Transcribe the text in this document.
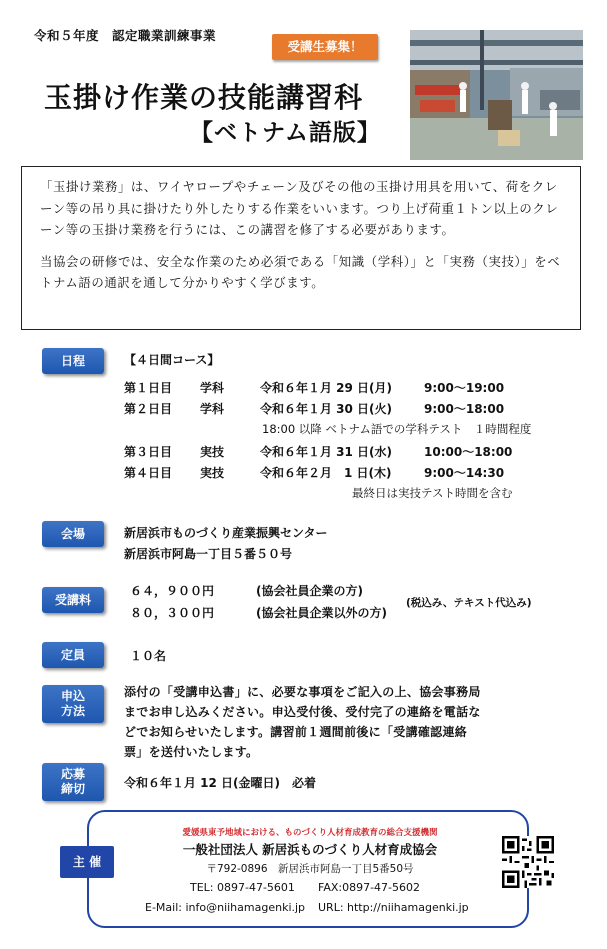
令和５年度　認定職業訓練事業
受講生募集！
玉掛け作業の技能講習科
【ベトナム語版】

「玉掛け業務」は、ワイヤロープやチェーン及びその他の玉掛け用具を用いて、荷をクレーン等の吊り具に掛けたり外したりする作業をいいます。つり上げ荷重１トン以上のクレーン等の玉掛け業務を行うには、この講習を修了する必要があります。

当協会の研修では、安全な作業のため必須である「知識（学科）」と「実務（実技）」をベトナム語の通訳を通して分かりやすく学びます。

日程	【４日間コース】
第１日目 学科	令和６年１月 29 日(月)	9:00～19:00
第２日目 学科	令和６年１月 30 日(火)	9:00～18:00
18:00 以降 ベトナム語での学科テスト　１時間程度
第３日目 実技	令和６年１月 31 日(水)	10:00～18:00
第４日目 実技	令和６年２月　1 日(木)	9:00～14:30
最終日は実技テスト時間を含む
会場	新居浜市ものづくり産業振興センター
新居浜市阿島一丁目５番５０号
受講料
６４，９００円	(協会社員企業の方)
８０，３００円	(協会社員企業以外の方)
(税込み、テキスト代込み)
定員	１０名
申込
方法
添付の「受講申込書」に、必要な事項をご記入の上、協会事務局
までお申し込みください。申込受付後、受付完了の連絡を電話な
どでお知らせいたします。講習前１週間前後に「受講確認連絡
票」を送付いたします。
応募
締切	令和６年１月 12 日(金曜日)　必着
主 催
愛媛県東予地域における、ものづくり人材育成教育の総合支援機関
一般社団法人 新居浜ものづくり人材育成協会
〒792-0896　新居浜市阿島一丁目5番50号
TEL: 0897-47-5601 FAX:0897-47-5602
E-Mail: info@niihamagenki.jp URL: http://niihamagenki.jp
